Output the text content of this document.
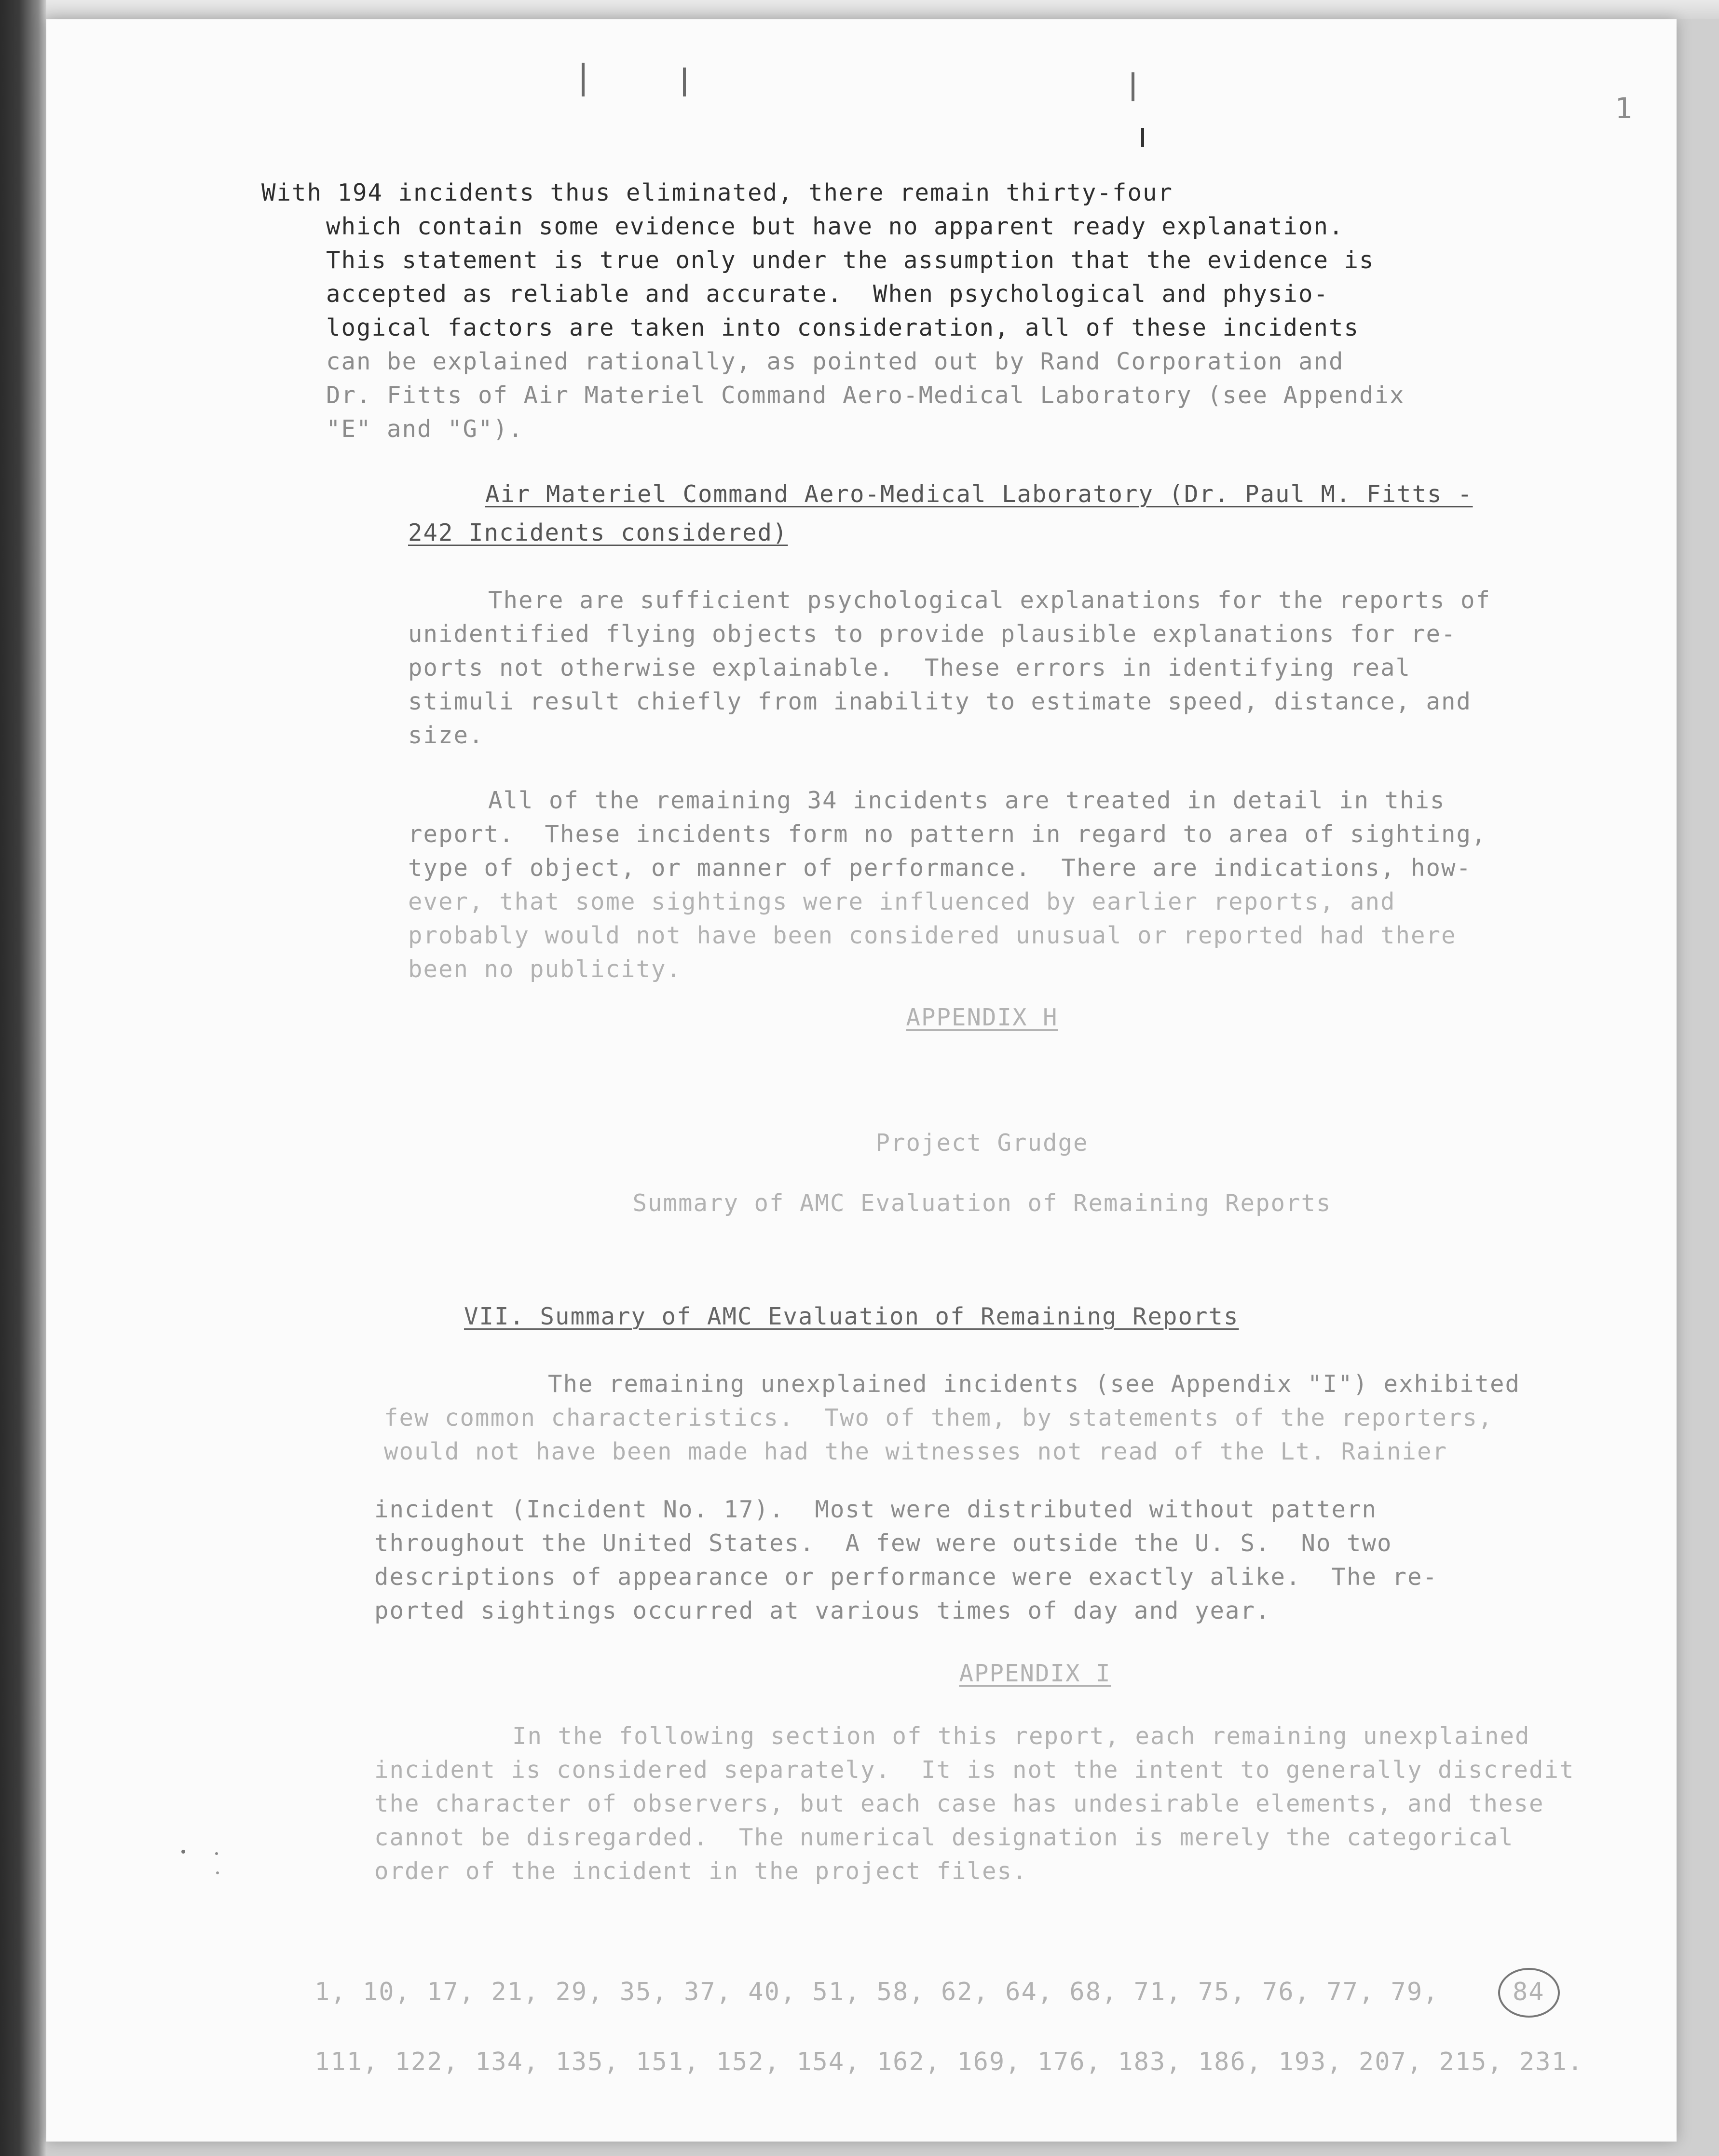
1
With 194 incidents thus eliminated, there remain thirty-four
which contain some evidence but have no apparent ready explanation.
This statement is true only under the assumption that the evidence is
accepted as reliable and accurate.  When psychological and physio-
logical factors are taken into consideration, all of these incidents
can be explained rationally, as pointed out by Rand Corporation and
Dr. Fitts of Air Materiel Command Aero-Medical Laboratory (see Appendix
"E" and "G").
Air Materiel Command Aero-Medical Laboratory (Dr. Paul M. Fitts -
242 Incidents considered)
There are sufficient psychological explanations for the reports of
unidentified flying objects to provide plausible explanations for re-
ports not otherwise explainable.  These errors in identifying real
stimuli result chiefly from inability to estimate speed, distance, and
size.
All of the remaining 34 incidents are treated in detail in this
report.  These incidents form no pattern in regard to area of sighting,
type of object, or manner of performance.  There are indications, how-
ever, that some sightings were influenced by earlier reports, and
probably would not have been considered unusual or reported had there
been no publicity.
APPENDIX H
Project Grudge
Summary of AMC Evaluation of Remaining Reports
VII. Summary of AMC Evaluation of Remaining Reports
The remaining unexplained incidents (see Appendix "I") exhibited
few common characteristics.  Two of them, by statements of the reporters,
would not have been made had the witnesses not read of the Lt. Rainier
incident (Incident No. 17).  Most were distributed without pattern
throughout the United States.  A few were outside the U. S.  No two
descriptions of appearance or performance were exactly alike.  The re-
ported sightings occurred at various times of day and year.
APPENDIX I
In the following section of this report, each remaining unexplained
incident is considered separately.  It is not the intent to generally discredit
the character of observers, but each case has undesirable elements, and these
cannot be disregarded.  The numerical designation is merely the categorical
order of the incident in the project files.
1, 10, 17, 21, 29, 35, 37, 40, 51, 58, 62, 64, 68, 71, 75, 76, 77, 79,	84
111, 122, 134, 135, 151, 152, 154, 162, 169, 176, 183, 186, 193, 207, 215, 231.
